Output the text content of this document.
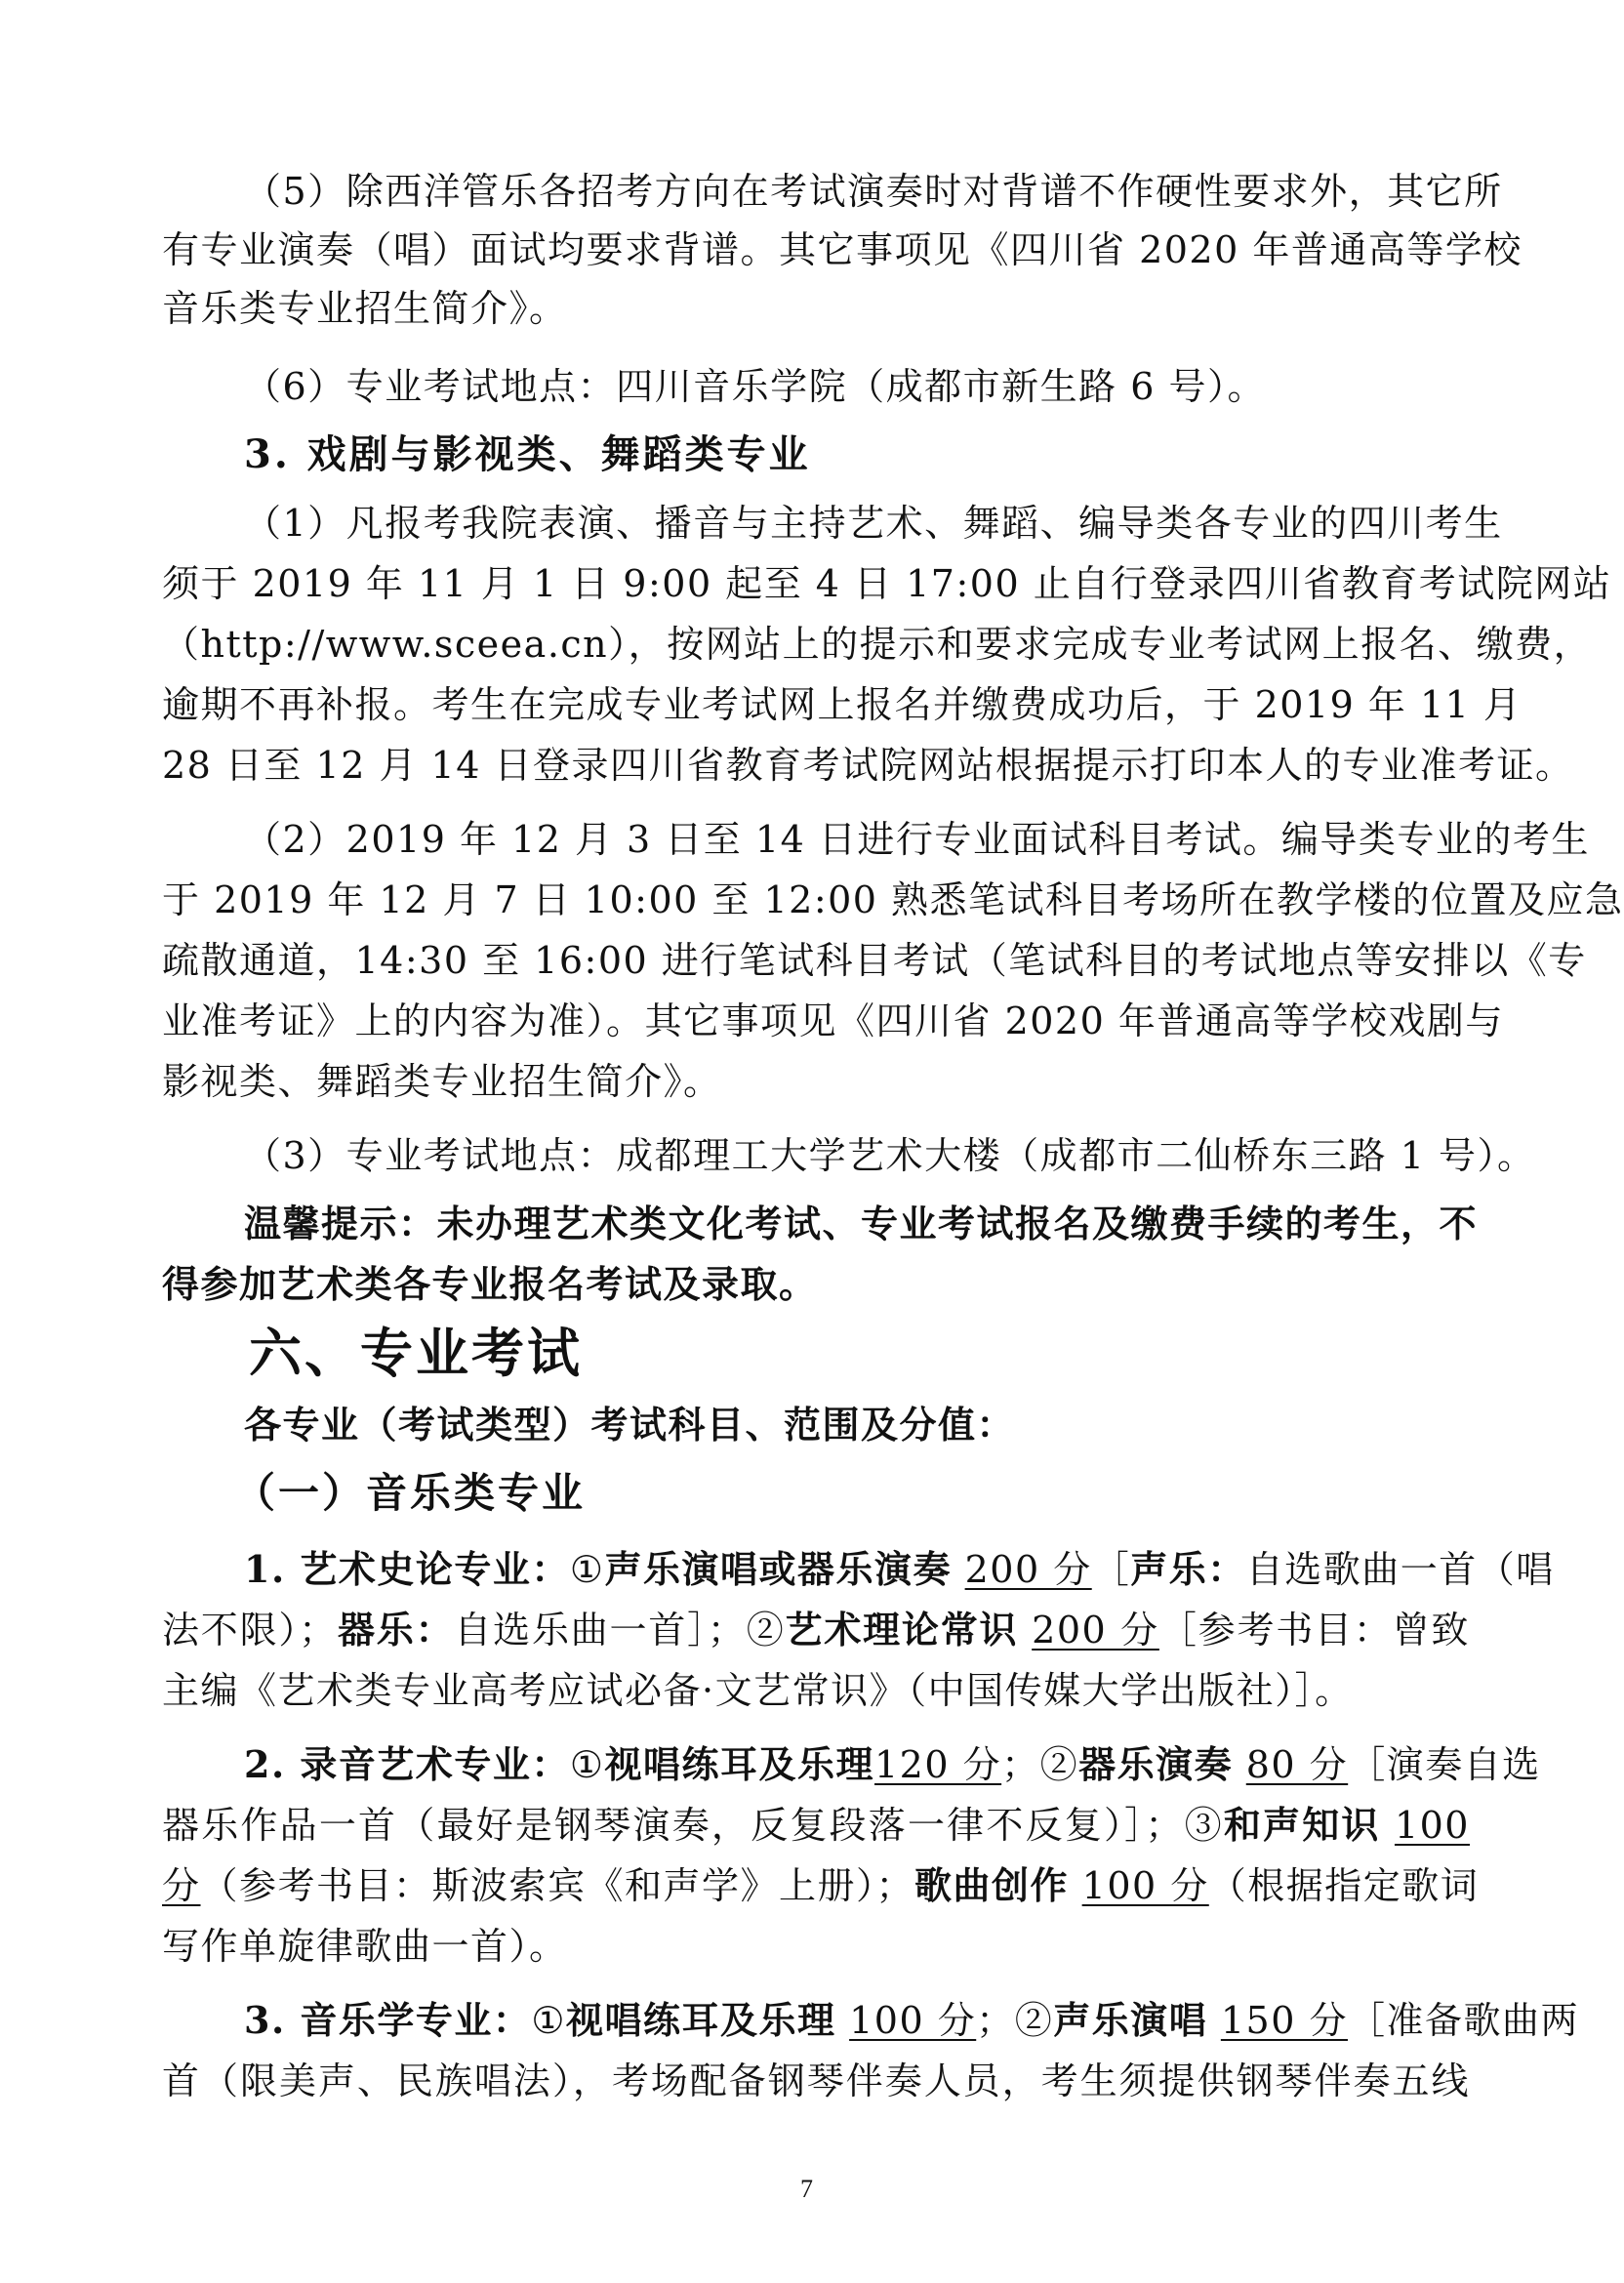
（5）除西洋管乐各招考方向在考试演奏时对背谱不作硬性要求外，其它所
有专业演奏（唱）面试均要求背谱。其它事项见《四川省 2020 年普通高等学校
音乐类专业招生简介》。
（6）专业考试地点：四川音乐学院（成都市新生路 6 号）。
3. 戏剧与影视类、舞蹈类专业
（1）凡报考我院表演、播音与主持艺术、舞蹈、编导类各专业的四川考生
须于 2019 年 11 月 1 日 9:00 起至 4 日 17:00 止自行登录四川省教育考试院网站
（http://www.sceea.cn），按网站上的提示和要求完成专业考试网上报名、缴费，
逾期不再补报。考生在完成专业考试网上报名并缴费成功后，于 2019 年 11 月
28 日至 12 月 14 日登录四川省教育考试院网站根据提示打印本人的专业准考证。
（2）2019 年 12 月 3 日至 14 日进行专业面试科目考试。编导类专业的考生
于 2019 年 12 月 7 日 10:00 至 12:00 熟悉笔试科目考场所在教学楼的位置及应急
疏散通道，14:30 至 16:00 进行笔试科目考试（笔试科目的考试地点等安排以《专
业准考证》上的内容为准）。其它事项见《四川省 2020 年普通高等学校戏剧与
影视类、舞蹈类专业招生简介》。
（3）专业考试地点：成都理工大学艺术大楼（成都市二仙桥东三路 1 号）。
温馨提示：未办理艺术类文化考试、专业考试报名及缴费手续的考生，不
得参加艺术类各专业报名考试及录取。
六、专业考试
各专业（考试类型）考试科目、范围及分值：
（一）音乐类专业
1. 艺术史论专业：①声乐演唱或器乐演奏 200 分［声乐：自选歌曲一首（唱
法不限）；器乐：自选乐曲一首］；②艺术理论常识 200 分［参考书目：曾致
主编《艺术类专业高考应试必备·文艺常识》（中国传媒大学出版社）］。
2. 录音艺术专业：①视唱练耳及乐理120 分；②器乐演奏 80 分［演奏自选
器乐作品一首（最好是钢琴演奏，反复段落一律不反复）］；③和声知识 100
分（参考书目：斯波索宾《和声学》上册）；歌曲创作 100 分（根据指定歌词
写作单旋律歌曲一首）。
3. 音乐学专业：①视唱练耳及乐理 100 分；②声乐演唱 150 分［准备歌曲两
首（限美声、民族唱法），考场配备钢琴伴奏人员，考生须提供钢琴伴奏五线
7
